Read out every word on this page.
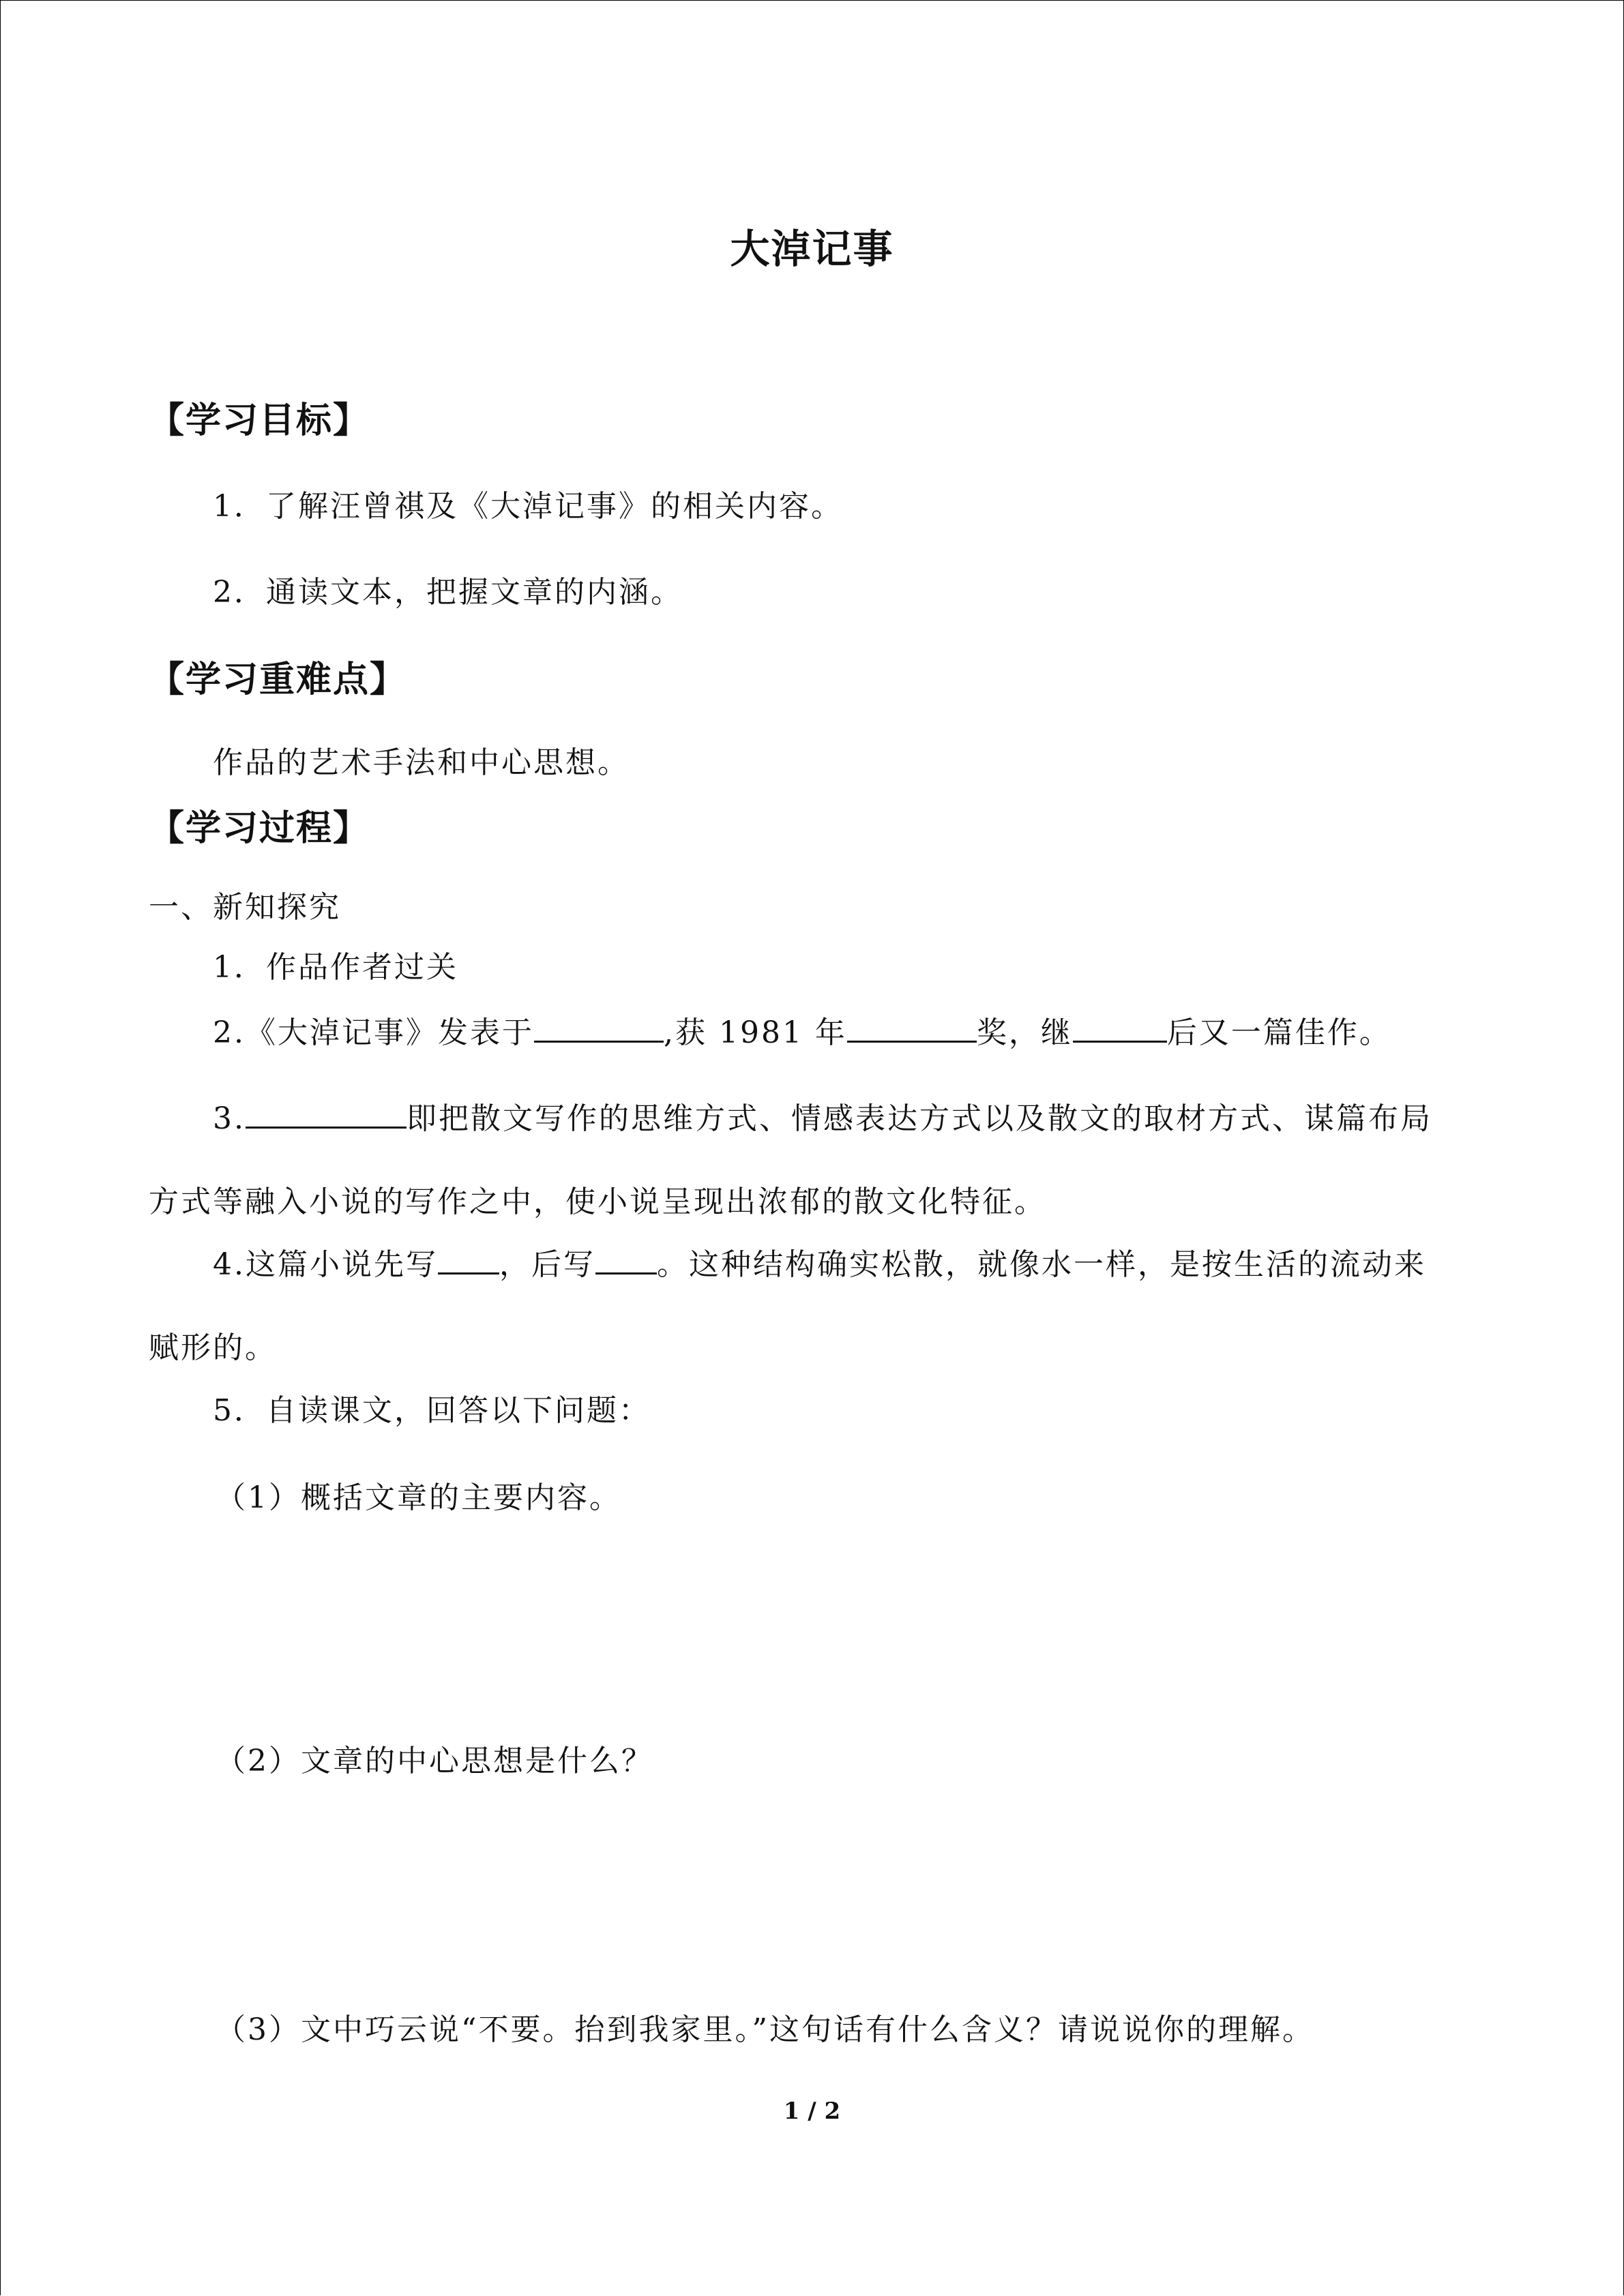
大淖记事
【学习目标】
1．了解汪曾祺及《大淖记事》的相关内容。
2．通读文本，把握文章的内涵。
【学习重难点】
作品的艺术手法和中心思想。
【学习过程】
一、新知探究
1．作品作者过关
2.《大淖记事》发表于	,获 1981 年	奖，继	后又一篇佳作。
3.	即把散文写作的思维方式、情感表达方式以及散文的取材方式、谋篇布局
方式等融入小说的写作之中，使小说呈现出浓郁的散文化特征。
4.这篇小说先写 ，后写 。这种结构确实松散，就像水一样，是按生活的流动来
赋形的。
5．自读课文，回答以下问题：
（1）概括文章的主要内容。
（2）文章的中心思想是什么？
（3）文中巧云说“不要。抬到我家里。”这句话有什么含义？请说说你的理解。
1 / 2
